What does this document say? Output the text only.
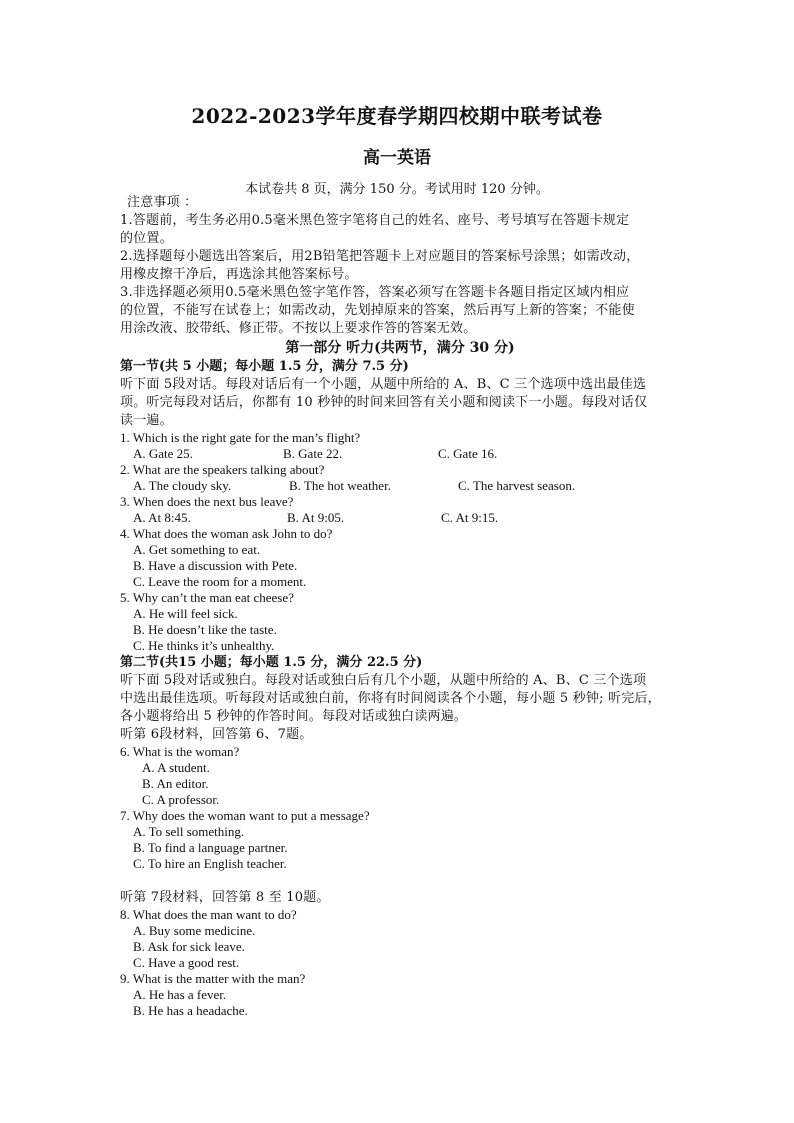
2022-2023学年度春学期四校期中联考试卷
高一英语
本试卷共 8 页，满分 150 分。考试用时 120 分钟。
注意事项 ：
1.答题前，考生务必用0.5毫米黑色签字笔将自己的姓名、座号、考号填写在答题卡规定
的位置。
2.选择题每小题选出答案后，用2B铅笔把答题卡上对应题目的答案标号涂黑；如需改动，
用橡皮擦干净后，再选涂其他答案标号。
3.非选择题必须用0.5毫米黑色签字笔作答，答案必须写在答题卡各题目指定区域内相应
的位置，不能写在试卷上；如需改动，先划掉原来的答案，然后再写上新的答案；不能使
用涂改液、胶带纸、修正带。不按以上要求作答的答案无效。
第一部分 听力(共两节，满分 30 分)
第一节(共 5 小题；每小题 1.5 分，满分 7.5 分)
听下面 5段对话。每段对话后有一个小题，从题中所给的 A、B、C 三个选项中选出最佳选
项。听完每段对话后，你都有 10 秒钟的时间来回答有关小题和阅读下一小题。每段对话仅
读一遍。
1. Which is the right gate for the man’s flight?
A. Gate 25.	B. Gate 22.	C. Gate 16.
2. What are the speakers talking about?
A. The cloudy sky.	B. The hot weather.	C. The harvest season.
3. When does the next bus leave?
A. At 8:45.	B. At 9:05.	C. At 9:15.
4. What does the woman ask John to do?
A. Get something to eat.
B. Have a discussion with Pete.
C. Leave the room for a moment.
5. Why can’t the man eat cheese?
A. He will feel sick.
B. He doesn’t like the taste.
C. He thinks it’s unhealthy.
第二节(共15 小题；每小题 1.5 分，满分 22.5 分)
听下面 5段对话或独白。每段对话或独白后有几个小题，从题中所给的 A、B、C 三个选项
中选出最佳选项。听每段对话或独白前，你将有时间阅读各个小题，每小题 5 秒钟; 听完后，
各小题将给出 5 秒钟的作答时间。每段对话或独白读两遍。
听第 6段材料，回答第 6、7题。
6. What is the woman?
A. A student.
B. An editor.
C. A professor.
7. Why does the woman want to put a message?
A. To sell something.
B. To find a language partner.
C. To hire an English teacher.
听第 7段材料，回答第 8 至 10题。
8. What does the man want to do?
A. Buy some medicine.
B. Ask for sick leave.
C. Have a good rest.
9. What is the matter with the man?
A. He has a fever.
B. He has a headache.
